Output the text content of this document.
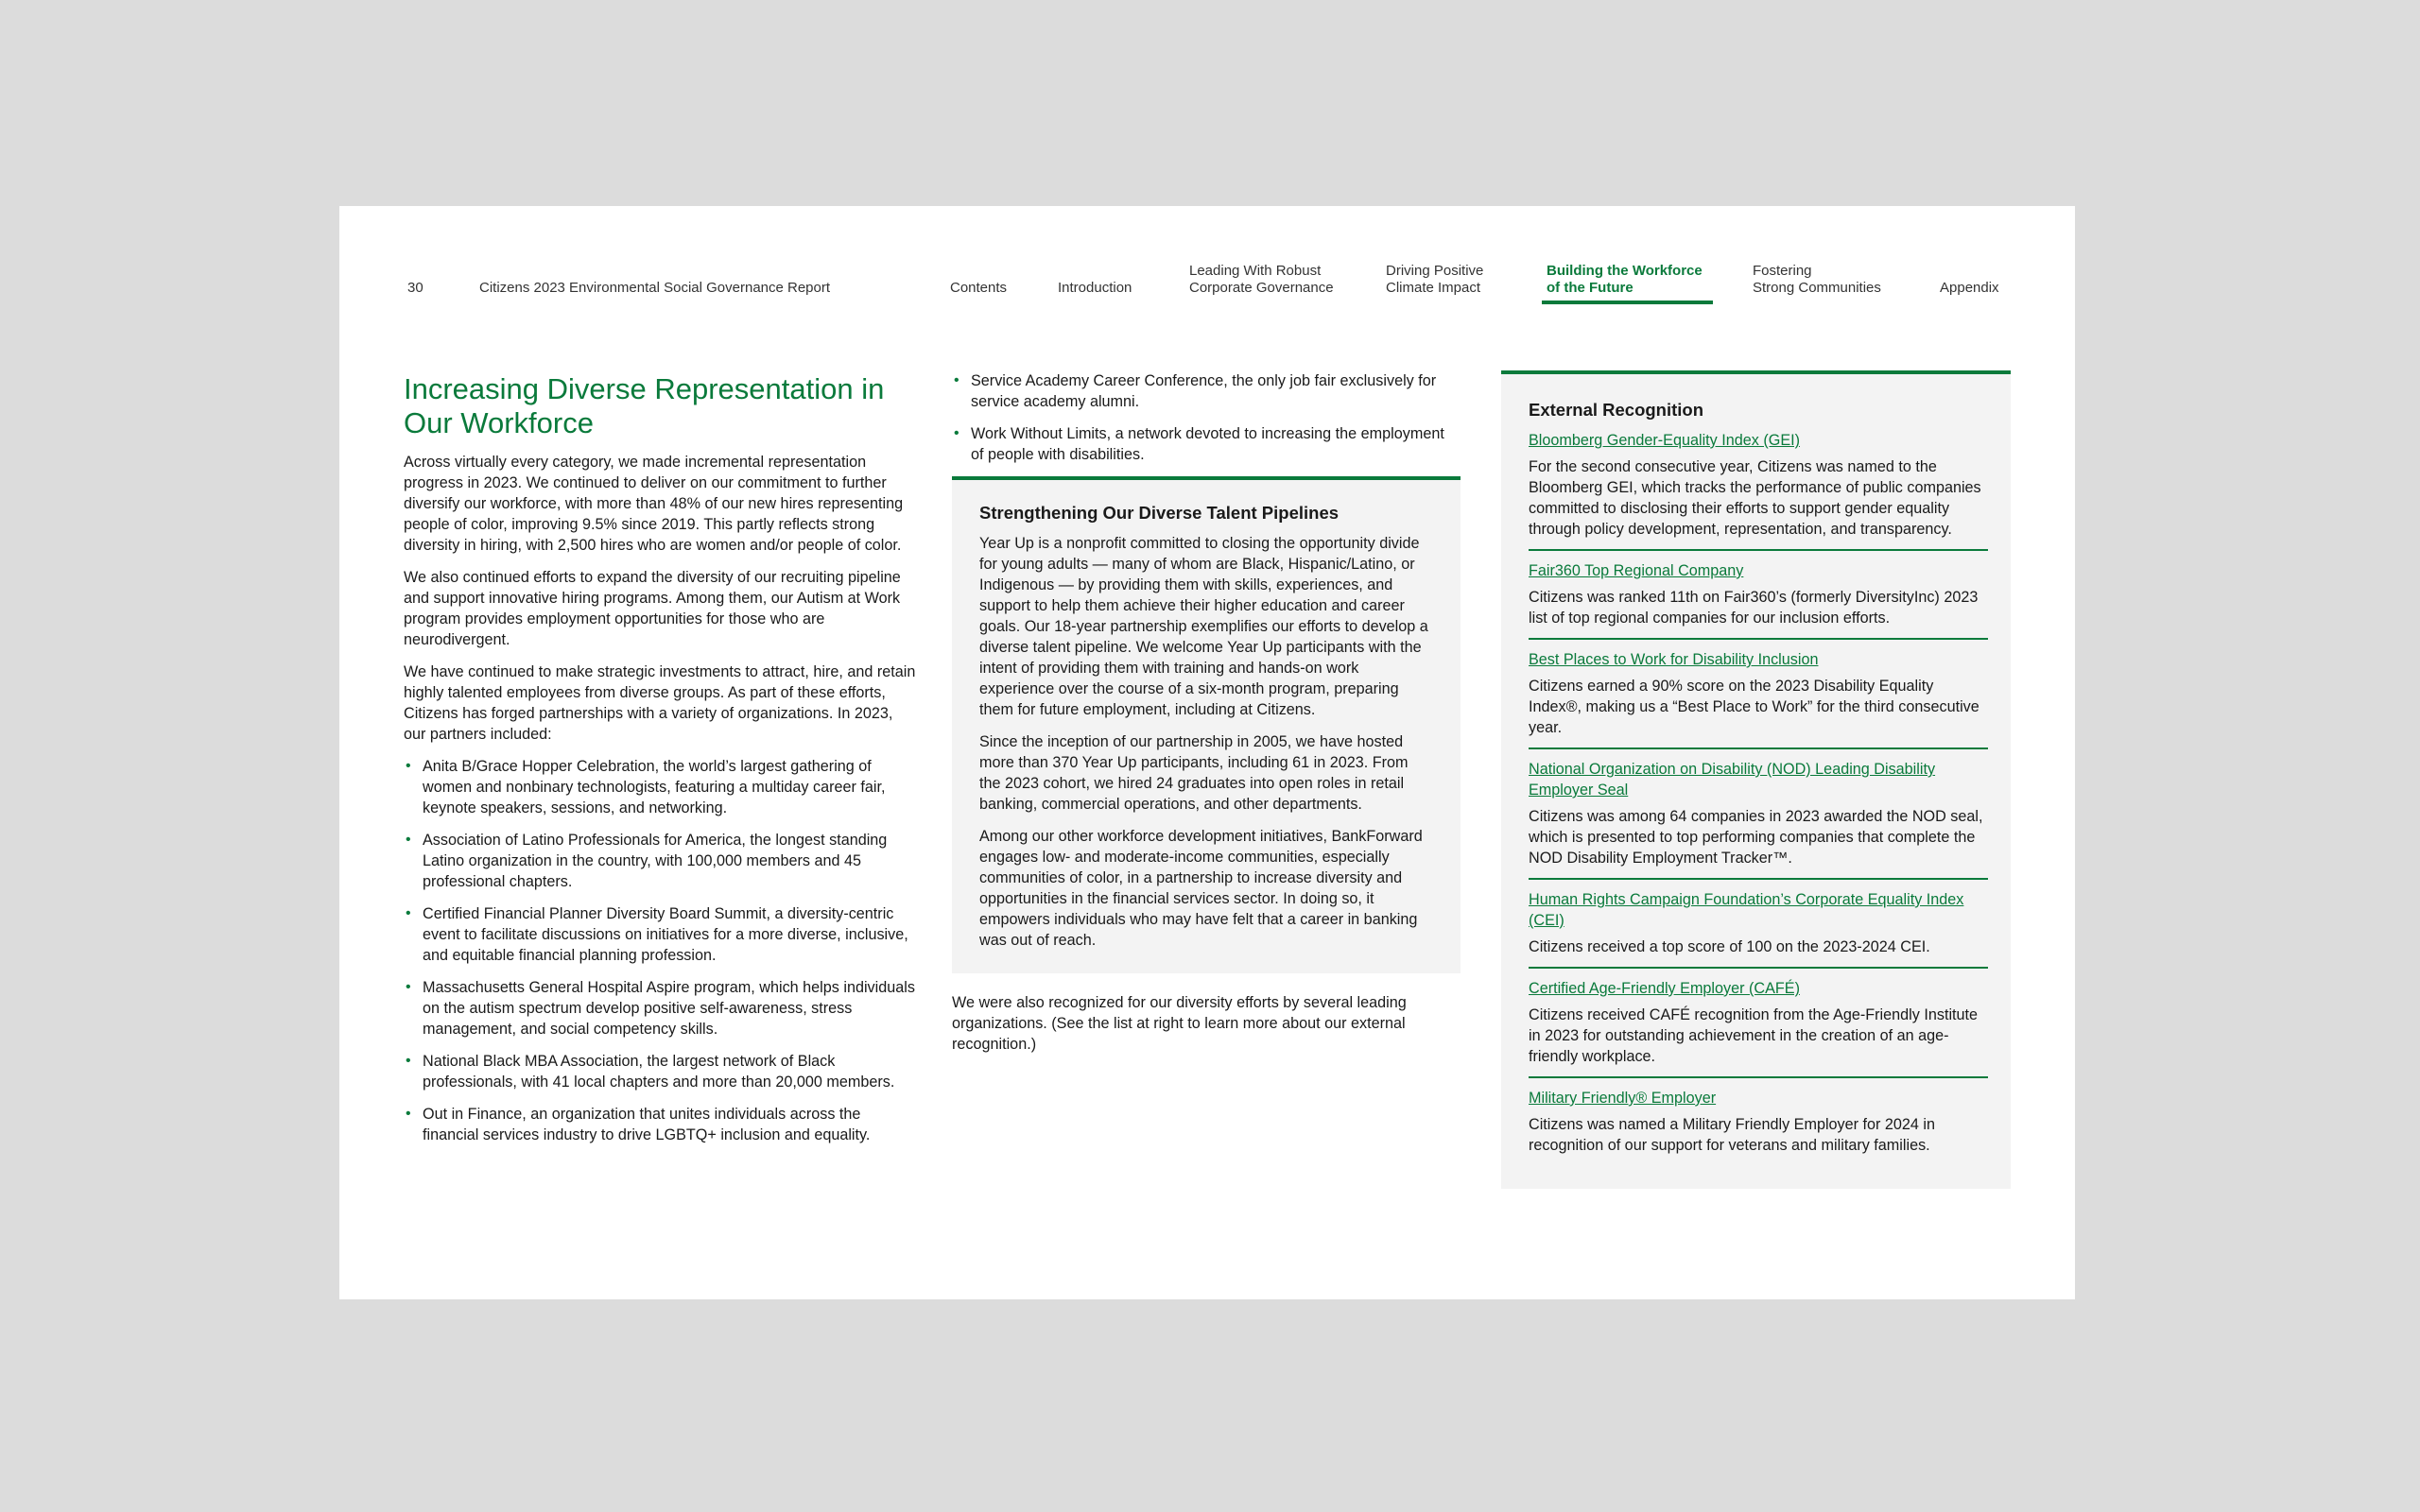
30	Citizens 2023 Environmental Social Governance Report	Contents	Introduction
Leading With Robust
Corporate Governance
Driving Positive
Climate Impact
Building the Workforce
of the Future
Fostering
Strong Communities	Appendix
Increasing Diverse Representation in Our Workforce

Across virtually every category, we made incremental representation progress in 2023. We continued to deliver on our commitment to further diversify our workforce, with more than 48% of our new hires representing people of color, improving 9.5% since 2019. This partly reflects strong diversity in hiring, with 2,500 hires who are women and/or people of color.

We also continued efforts to expand the diversity of our recruiting pipeline and support innovative hiring programs. Among them, our Autism at Work program provides employment opportunities for those who are neurodivergent.

We have continued to make strategic investments to attract, hire, and retain highly talented employees from diverse groups. As part of these efforts, Citizens has forged partnerships with a variety of organizations. In 2023, our partners included:

• Anita B/Grace Hopper Celebration, the world’s largest gathering of women and nonbinary technologists, featuring a multiday career fair, keynote speakers, sessions, and networking.
• Association of Latino Professionals for America, the longest standing Latino organization in the country, with 100,000 members and 45 professional chapters.
• Certified Financial Planner Diversity Board Summit, a diversity-centric event to facilitate discussions on initiatives for a more diverse, inclusive, and equitable financial planning profession.
• Massachusetts General Hospital Aspire program, which helps individuals on the autism spectrum develop positive self-awareness, stress management, and social competency skills.
• National Black MBA Association, the largest network of Black professionals, with 41 local chapters and more than 20,000 members.
• Out in Finance, an organization that unites individuals across the financial services industry to drive LGBTQ+ inclusion and equality.
• Service Academy Career Conference, the only job fair exclusively for service academy alumni.
• Work Without Limits, a network devoted to increasing the employment of people with disabilities.
Strengthening Our Diverse Talent Pipelines

Year Up is a nonprofit committed to closing the opportunity divide for young adults — many of whom are Black, Hispanic/Latino, or Indigenous — by providing them with skills, experiences, and support to help them achieve their higher education and career goals. Our 18-year partnership exemplifies our efforts to develop a diverse talent pipeline. We welcome Year Up participants with the intent of providing them with training and hands-on work experience over the course of a six-month program, preparing them for future employment, including at Citizens.

Since the inception of our partnership in 2005, we have hosted more than 370 Year Up participants, including 61 in 2023. From the 2023 cohort, we hired 24 graduates into open roles in retail banking, commercial operations, and other departments.

Among our other workforce development initiatives, BankForward engages low- and moderate-income communities, especially communities of color, in a partnership to increase diversity and opportunities in the financial services sector. In doing so, it empowers individuals who may have felt that a career in banking was out of reach.

We were also recognized for our diversity efforts by several leading organizations. (See the list at right to learn more about our external recognition.)

External Recognition
Bloomberg Gender-Equality Index (GEI)

For the second consecutive year, Citizens was named to the Bloomberg GEI, which tracks the performance of public companies committed to disclosing their efforts to support gender equality through policy development, representation, and transparency.

Fair360 Top Regional Company

Citizens was ranked 11th on Fair360’s (formerly DiversityInc) 2023 list of top regional companies for our inclusion efforts.

Best Places to Work for Disability Inclusion

Citizens earned a 90% score on the 2023 Disability Equality Index®, making us a “Best Place to Work” for the third consecutive year.

National Organization on Disability (NOD) Leading Disability Employer Seal

Citizens was among 64 companies in 2023 awarded the NOD seal, which is presented to top performing companies that complete the NOD Disability Employment Tracker™.

Human Rights Campaign Foundation’s Corporate Equality Index (CEI)

Citizens received a top score of 100 on the 2023-2024 CEI.

Certified Age-Friendly Employer (CAFÉ)

Citizens received CAFÉ recognition from the Age-Friendly Institute in 2023 for outstanding achievement in the creation of an age-friendly workplace.

Military Friendly® Employer

Citizens was named a Military Friendly Employer for 2024 in recognition of our support for veterans and military families.
